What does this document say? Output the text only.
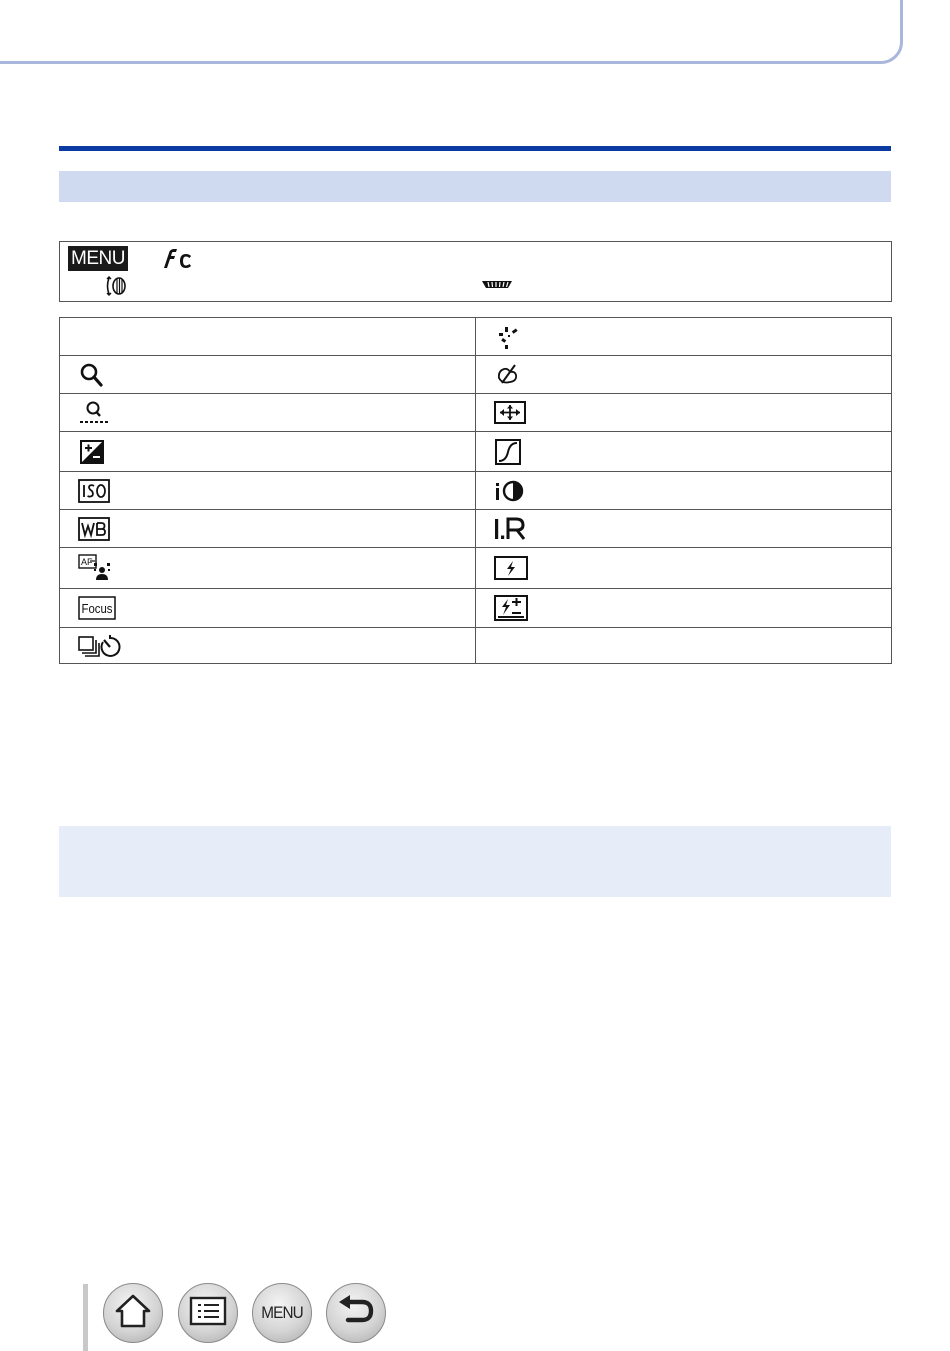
MENU

AF

Focus

MENU
